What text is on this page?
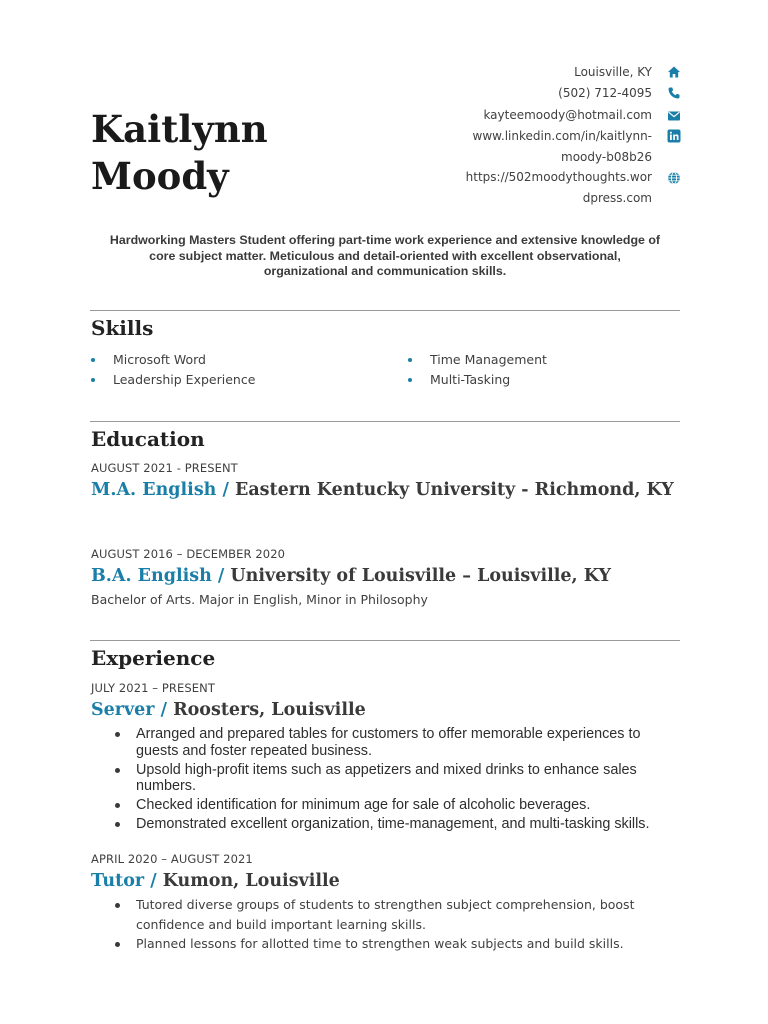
Kaitlynn
Moody
Louisville, KY
(502) 712-4095
kayteemoody@hotmail.com
www.linkedin.com/in/kaitlynn-
moody-b08b26
https://502moodythoughts.wor
dpress.com
Hardworking Masters Student offering part-time work experience and extensive knowledge of
core subject matter. Meticulous and detail-oriented with excellent observational,
organizational and communication skills.
Skills
Microsoft Word
Leadership Experience
Time Management
Multi-Tasking
Education
AUGUST 2021 - PRESENT
M.A. English / Eastern Kentucky University - Richmond, KY
AUGUST 2016 – DECEMBER 2020
B.A. English / University of Louisville – Louisville, KY
Bachelor of Arts. Major in English, Minor in Philosophy
Experience
JULY 2021 – PRESENT
Server / Roosters, Louisville
Arranged and prepared tables for customers to offer memorable experiences to guests and foster repeated business.
Upsold high-profit items such as appetizers and mixed drinks to enhance sales numbers.
Checked identification for minimum age for sale of alcoholic beverages.
Demonstrated excellent organization, time-management, and multi-tasking skills.
APRIL 2020 – AUGUST 2021
Tutor / Kumon, Louisville
Tutored diverse groups of students to strengthen subject comprehension, boost confidence and build important learning skills.
Planned lessons for allotted time to strengthen weak subjects and build skills.
